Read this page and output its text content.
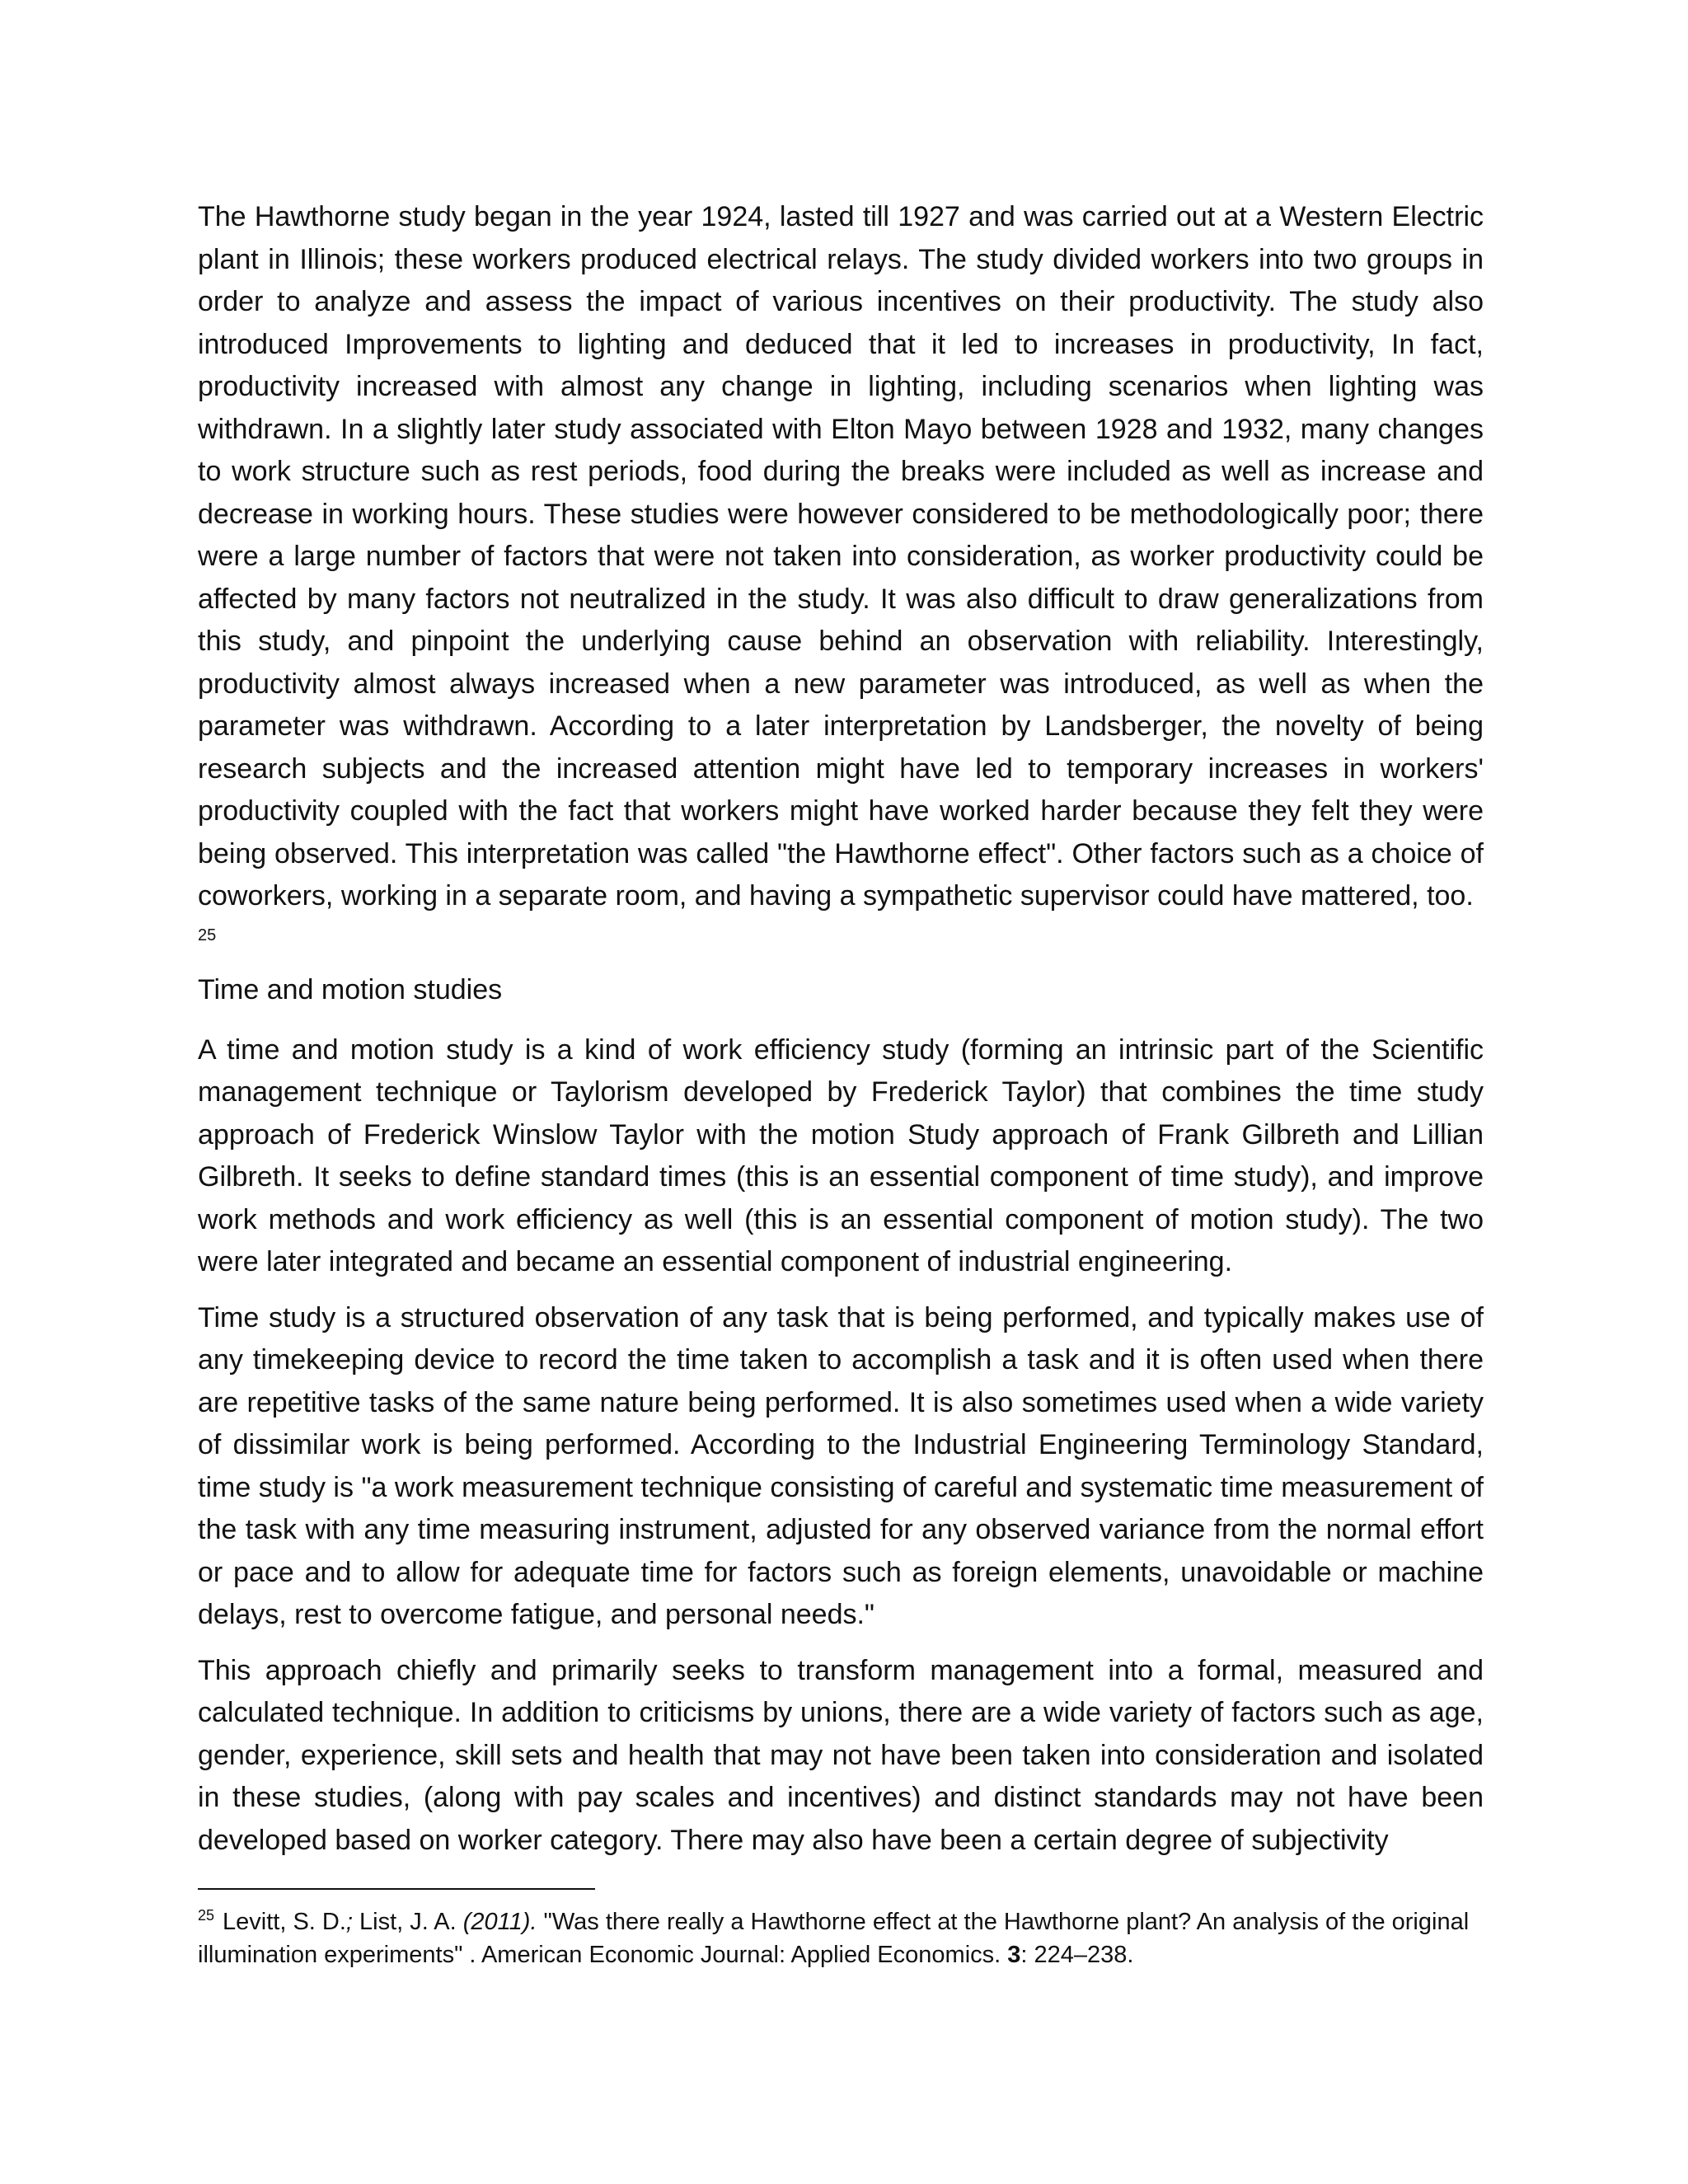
The Hawthorne study began in the year 1924, lasted till 1927 and was carried out at a Western Electric plant in Illinois; these workers produced electrical relays. The study divided workers into two groups in order to analyze and assess the impact of various incentives on their productivity. The study also introduced Improvements to lighting and deduced that it led to increases in productivity, In fact, productivity increased with almost any change in lighting, including scenarios when lighting was withdrawn. In a slightly later study associated with Elton Mayo between 1928 and 1932, many changes to work structure such as rest periods, food during the breaks were included as well as increase and decrease in working hours. These studies were however considered to be methodologically poor; there were a large number of factors that were not taken into consideration, as worker productivity could be affected by many factors not neutralized in the study. It was also difficult to draw generalizations from this study, and pinpoint the underlying cause behind an observation with reliability. Interestingly, productivity almost always increased when a new parameter was introduced, as well as when the parameter was withdrawn. According to a later interpretation by Landsberger, the novelty of being research subjects and the increased attention might have led to temporary increases in workers' productivity coupled with the fact that workers might have worked harder because they felt they were being observed. This interpretation was called "the Hawthorne effect". Other factors such as a choice of coworkers, working in a separate room, and having a sympathetic supervisor could have mattered, too.

25
Time and motion studies

A time and motion study is a kind of work efficiency study (forming an intrinsic part of the Scientific management technique or Taylorism developed by Frederick Taylor) that combines the time study approach of Frederick Winslow Taylor with the motion Study approach of Frank Gilbreth and Lillian Gilbreth. It seeks to define standard times (this is an essential component of time study), and improve work methods and work efficiency as well (this is an essential component of motion study). The two were later integrated and became an essential component of industrial engineering.

Time study is a structured observation of any task that is being performed, and typically makes use of any timekeeping device to record the time taken to accomplish a task and it is often used when there are repetitive tasks of the same nature being performed. It is also sometimes used when a wide variety of dissimilar work is being performed. According to the Industrial Engineering Terminology Standard, time study is "a work measurement technique consisting of careful and systematic time measurement of the task with any time measuring instrument, adjusted for any observed variance from the normal effort or pace and to allow for adequate time for factors such as foreign elements, unavoidable or machine delays, rest to overcome fatigue, and personal needs."

This approach chiefly and primarily seeks to transform management into a formal, measured and calculated technique. In addition to criticisms by unions, there are a wide variety of factors such as age, gender, experience, skill sets and health that may not have been taken into consideration and isolated in these studies, (along with pay scales and incentives) and distinct standards may not have been developed based on worker category. There may also have been a certain degree of subjectivity

$^{25}$ Levitt, S. D.; List, J. A. (2011). "Was there really a Hawthorne effect at the Hawthorne plant? An analysis of the original illumination experiments" . American Economic Journal: Applied Economics. 3: 224–238.
